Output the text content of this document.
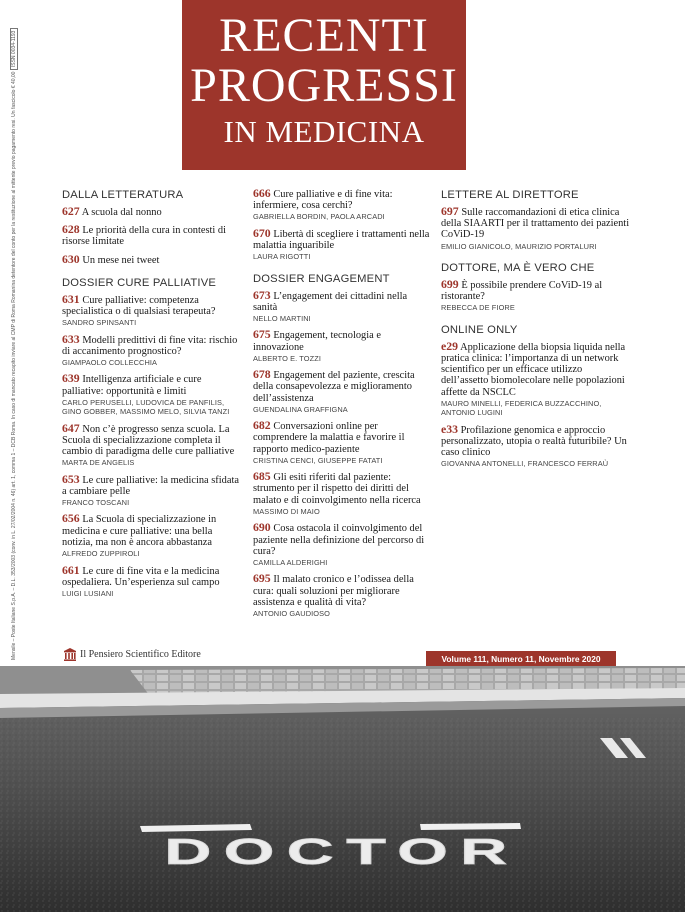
RECENTI
PROGRESSI
IN MEDICINA
DALLA LETTERATURA
627 A scuola dal nonno
628 Le priorità della cura in contesti di risorse limitate
630 Un mese nei tweet
DOSSIER CURE PALLIATIVE
631 Cure palliative: competenza specialistica o di qualsiasi terapeuta?
SANDRO SPINSANTI
633 Modelli predittivi di fine vita: rischio di accanimento prognostico?
GIAMPAOLO COLLECCHIA
639 Intelligenza artificiale e cure palliative: opportunità e limiti
CARLO PERUSELLI, LUDOVICA DE PANFILIS, GINO GOBBER, MASSIMO MELO, SILVIA TANZI
647 Non c’è progresso senza scuola. La Scuola di specializzazione completa il cambio di paradigma delle cure palliative
MARTA DE ANGELIS
653 Le cure palliative: la medicina sfidata a cambiare pelle
FRANCO TOSCANI
656 La Scuola di specializzazione in medicina e cure palliative: una bella notizia, ma non è ancora abbastanza
ALFREDO ZUPPIROLI
661 Le cure di fine vita e la medicina ospedaliera. Un’esperienza sul campo
LUIGI LUSIANI
666 Cure palliative e di fine vita: infermiere, cosa cerchi?
GABRIELLA BORDIN, PAOLA ARCADI
670 Libertà di scegliere i trattamenti nella malattia inguaribile
LAURA RIGOTTI
DOSSIER ENGAGEMENT
673 L’engagement dei cittadini nella sanità
NELLO MARTINI
675 Engagement, tecnologia e innovazione
ALBERTO E. TOZZI
678 Engagement del paziente, crescita della consapevolezza e miglioramento dell’assistenza
GUENDALINA GRAFFIGNA
682 Conversazioni online per comprendere la malattia e favorire il rapporto medico-paziente
CRISTINA CENCI, GIUSEPPE FATATI
685 Gli esiti riferiti dal paziente: strumento per il rispetto dei diritti del malato e di coinvolgimento nella ricerca
MASSIMO DI MAIO
690 Cosa ostacola il coinvolgimento del paziente nella definizione del percorso di cura?
CAMILLA ALDERIGHI
695 Il malato cronico e l’odissea della cura: quali soluzioni per migliorare assistenza e qualità di vita?
ANTONIO GAUDIOSO
LETTERE AL DIRETTORE
697 Sulle raccomandazioni di etica clinica della SIAARTI per il trattamento dei pazienti CoViD-19
EMILIO GIANICOLO, MAURIZIO PORTALURI
DOTTORE, MA È VERO CHE
699 È possibile prendere CoViD-19 al ristorante?
REBECCA DE FIORE
ONLINE ONLY
e29 Applicazione della biopsia liquida nella pratica clinica: l’importanza di un network scientifico per un efficace utilizzo dell’assetto biomolecolare nelle popolazioni affette da NSCLC
MAURO MINELLI, FEDERICA BUZZACCHINO, ANTONIO LUGINI
e33 Profilazione genomica e approccio personalizzato, utopia o realtà futuribile? Un caso clinico
GIOVANNA ANTONELLI, FRANCESCO FERRAÙ
Mensile – Poste Italiane S.p.A. – D.L. 353/2003 (conv. in L. 27/02/2004 n. 46) art. 1, comma 1 – DCB Roma. In caso di mancato recapito inviare al CMP di Roma Romanina detentore del conto per la restituzione al mittente previo pagamento resi. Un fascicolo € 40,00 ISSN 0034-1193
Il Pensiero Scientifico Editore	Volume 111, Numero 11, Novembre 2020
DOCTOR
